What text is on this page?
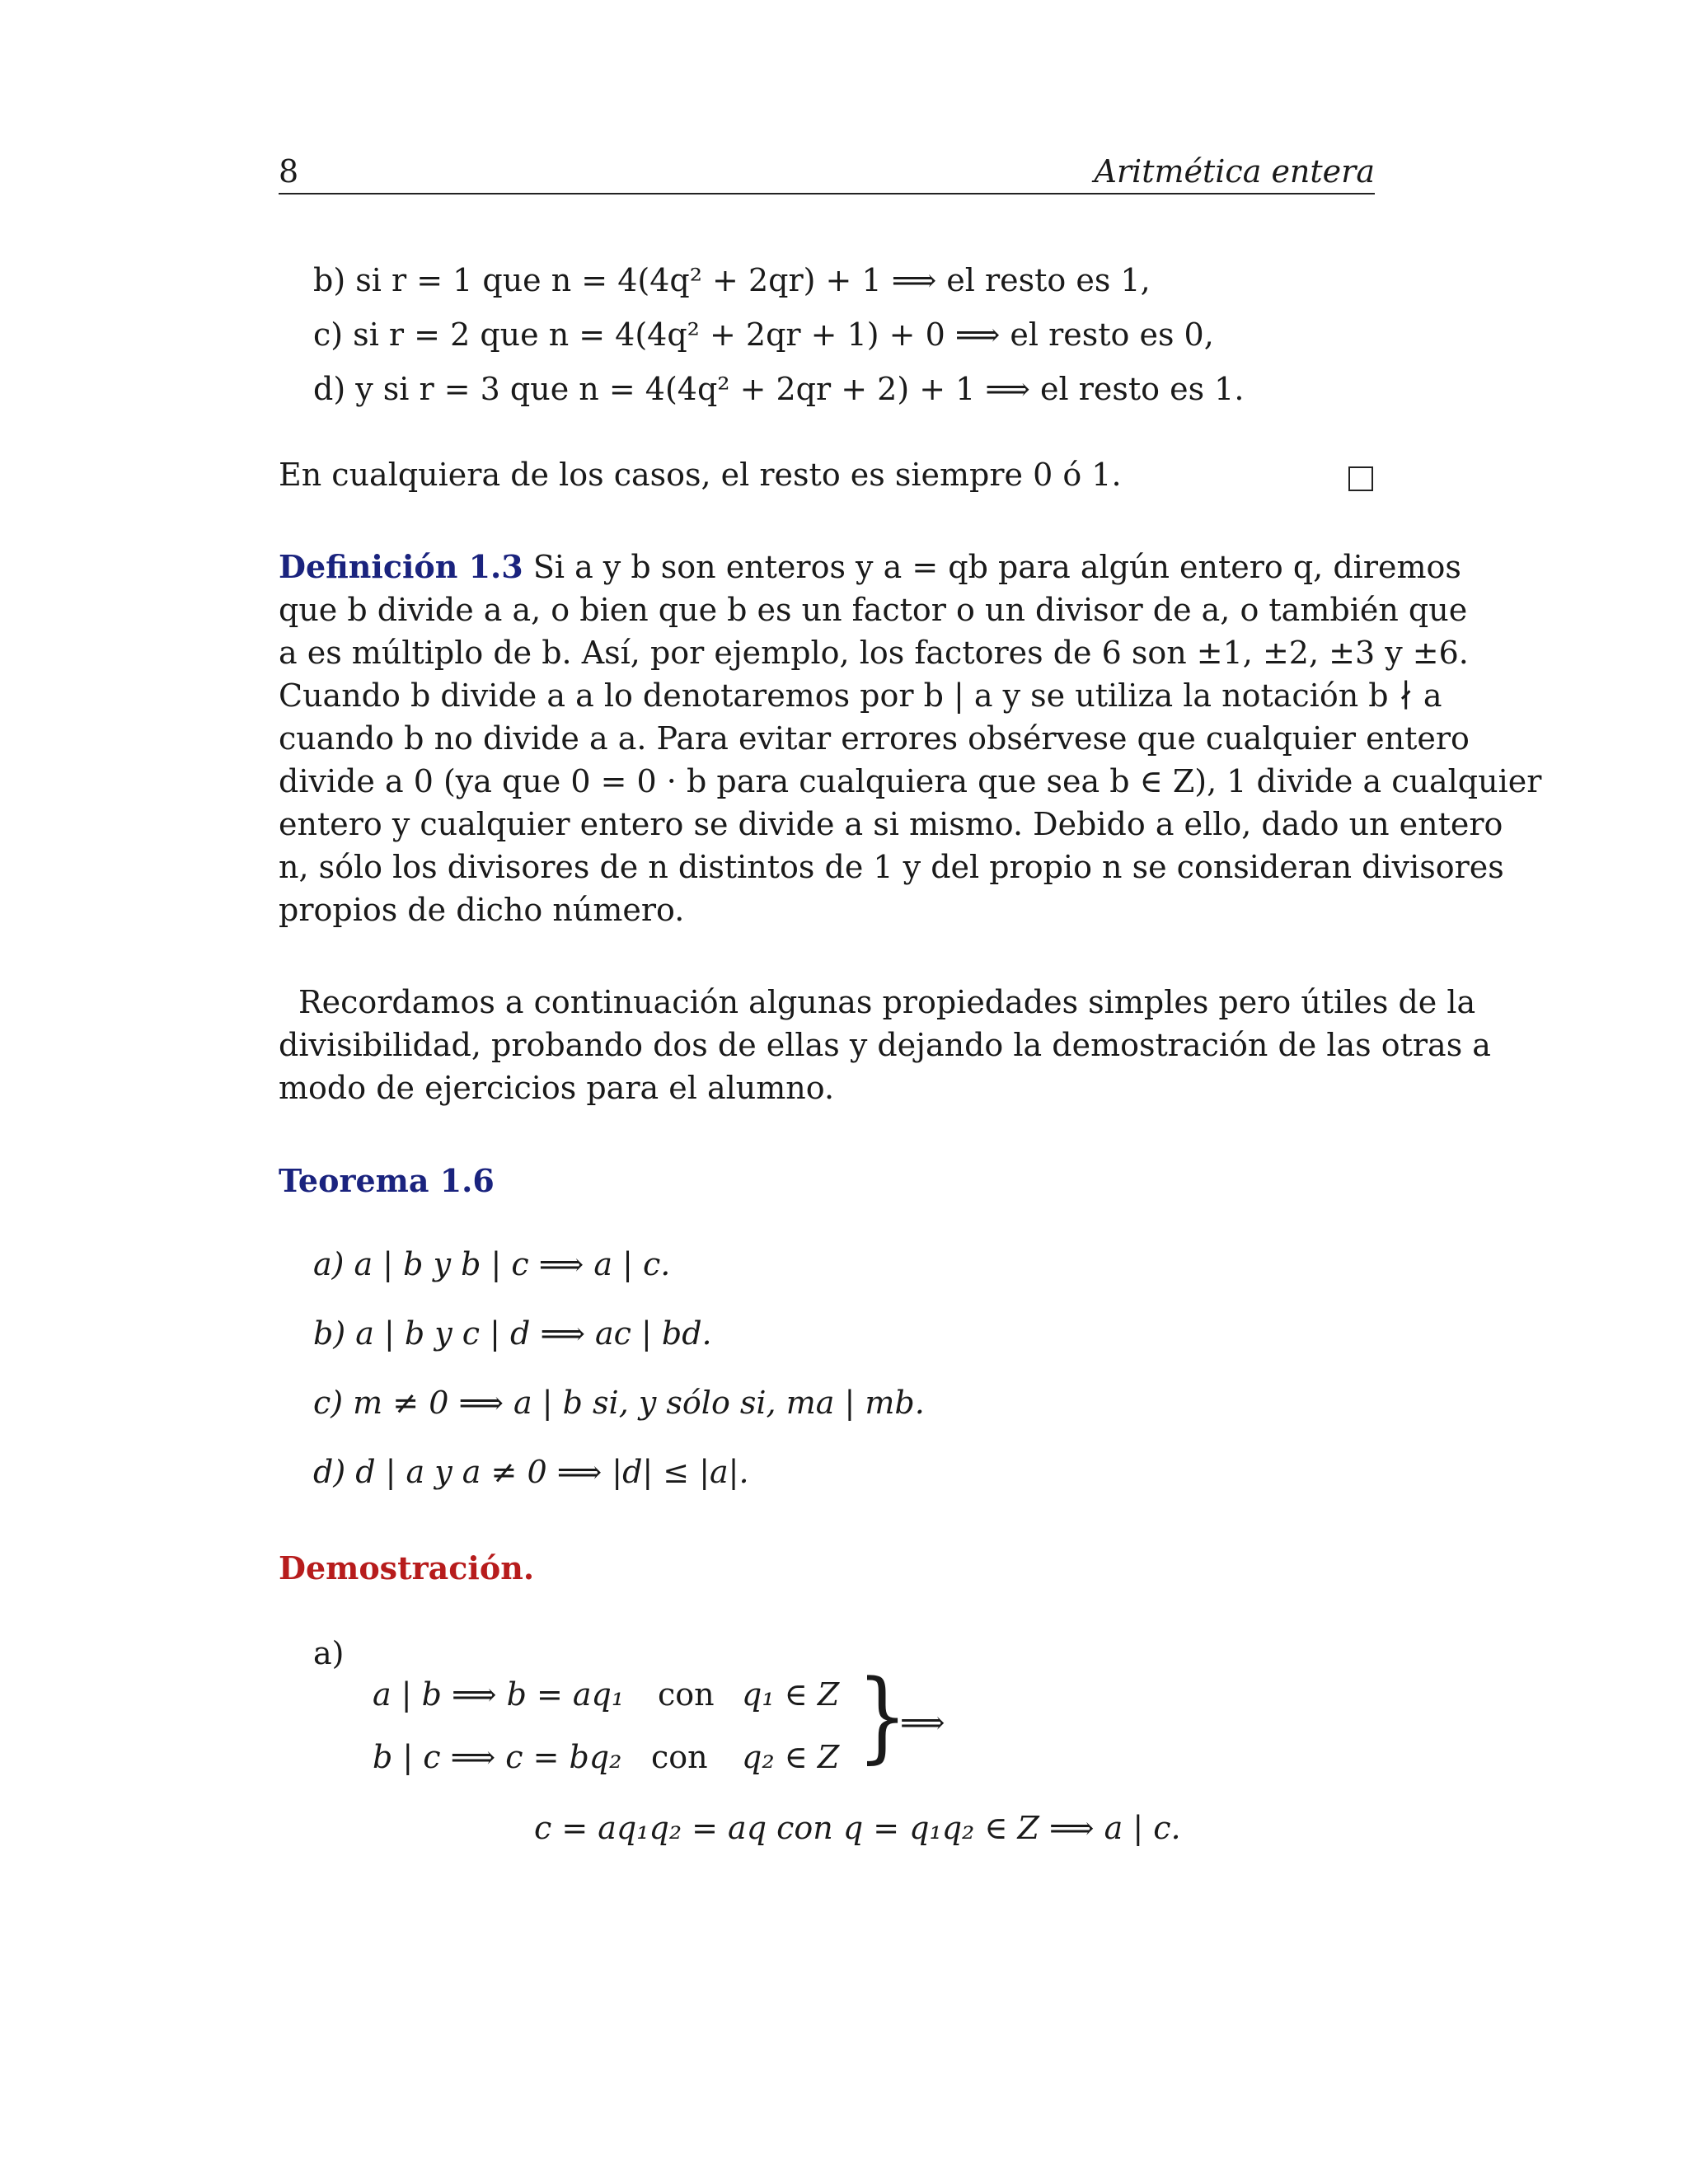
8	Aritmética entera
b) si r = 1 que n = 4(4q² + 2qr) + 1 ⟹ el resto es 1,
c) si r = 2 que n = 4(4q² + 2qr + 1) + 0 ⟹ el resto es 0,
d) y si r = 3 que n = 4(4q² + 2qr + 2) + 1 ⟹ el resto es 1.
En cualquiera de los casos, el resto es siempre 0 ó 1.
Definición 1.3 Si a y b son enteros y a = qb para algún entero q, diremos
que b divide a a, o bien que b es un factor o un divisor de a, o también que
a es múltiplo de b. Así, por ejemplo, los factores de 6 son ±1, ±2, ±3 y ±6.
Cuando b divide a a lo denotaremos por b | a y se utiliza la notación b ∤ a
cuando b no divide a a. Para evitar errores obsérvese que cualquier entero
divide a 0 (ya que 0 = 0 · b para cualquiera que sea b ∈ Z), 1 divide a cualquier
entero y cualquier entero se divide a si mismo. Debido a ello, dado un entero
n, sólo los divisores de n distintos de 1 y del propio n se consideran divisores
propios de dicho número.
Recordamos a continuación algunas propiedades simples pero útiles de la
divisibilidad, probando dos de ellas y dejando la demostración de las otras a
modo de ejercicios para el alumno.
Teorema 1.6
a) a | b y b | c ⟹ a | c.
b) a | b y c | d ⟹ ac | bd.
c) m ≠ 0 ⟹ a | b si, y sólo si, ma | mb.
d) d | a y a ≠ 0 ⟹ |d| ≤ |a|.
Demostración.
a)
a | b ⟹ b = aq₁ con q₁ ∈ Z
b | c ⟹ c = bq₂ con q₂ ∈ Z }
⟹
c = aq₁q₂ = aq con q = q₁q₂ ∈ Z ⟹ a | c.
